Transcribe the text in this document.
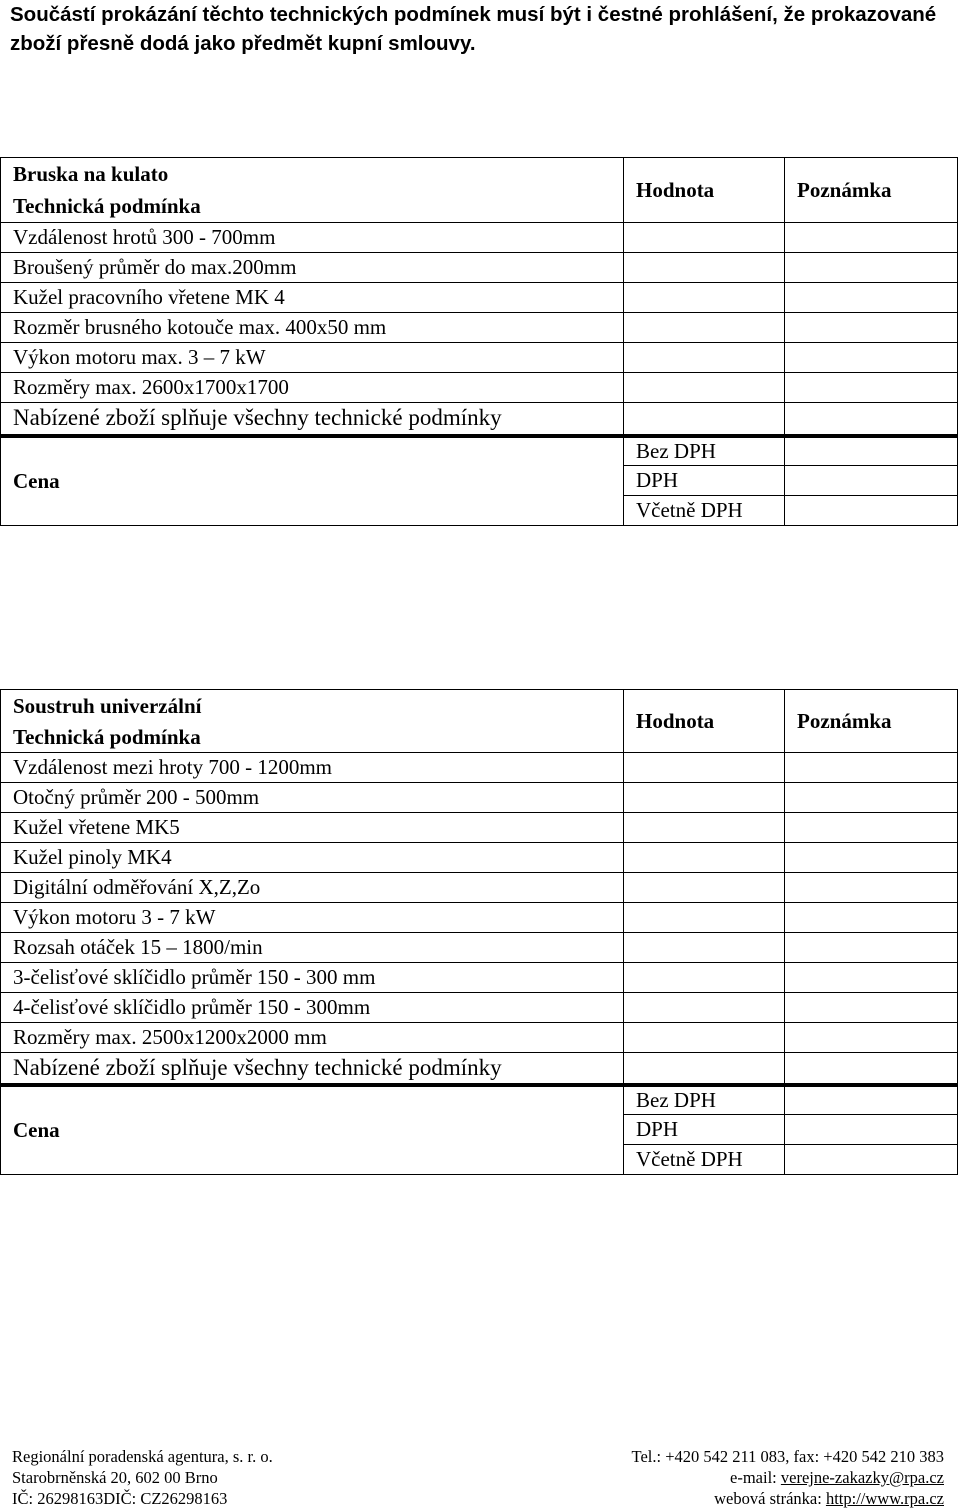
Součástí prokázání těchto technických podmínek musí být i čestné prohlášení, že prokazované zboží přesně dodá jako předmět kupní smlouvy.

Bruska na kulato	Hodnota	Poznámka
Technická podmínka		
Vzdálenost hrotů 300 - 700mm		
Broušený průměr do max.200mm		
Kužel pracovního vřetene MK 4		
Rozměr brusného kotouče max. 400x50 mm		
Výkon motoru max. 3 – 7 kW		
Rozměry max. 2600x1700x1700		
Nabízené zboží splňuje všechny technické podmínky		
Cena	Bez DPH	
	DPH	
	Včetně DPH	
Soustruh univerzální	Hodnota	Poznámka
Technická podmínka		
Vzdálenost mezi hroty 700 - 1200mm		
Otočný průměr 200 - 500mm		
Kužel vřetene MK5		
Kužel pinoly MK4		
Digitální odměřování X,Z,Zo		
Výkon motoru 3 - 7 kW		
Rozsah otáček 15 – 1800/min		
3-čelisťové sklíčidlo průměr 150 - 300 mm		
4-čelisťové sklíčidlo průměr 150 - 300mm		
Rozměry max. 2500x1200x2000 mm		
Nabízené zboží splňuje všechny technické podmínky		
Cena	Bez DPH	
	DPH	
	Včetně DPH	
Regionální poradenská agentura, s. r. o.	Tel.: +420 542 211 083, fax: +420 542 210 383
Starobrněnská 20, 602 00 Brno	e-mail: verejne-zakazky@rpa.cz
IČ: 26298163DIČ: CZ26298163	webová stránka: http://www.rpa.cz
